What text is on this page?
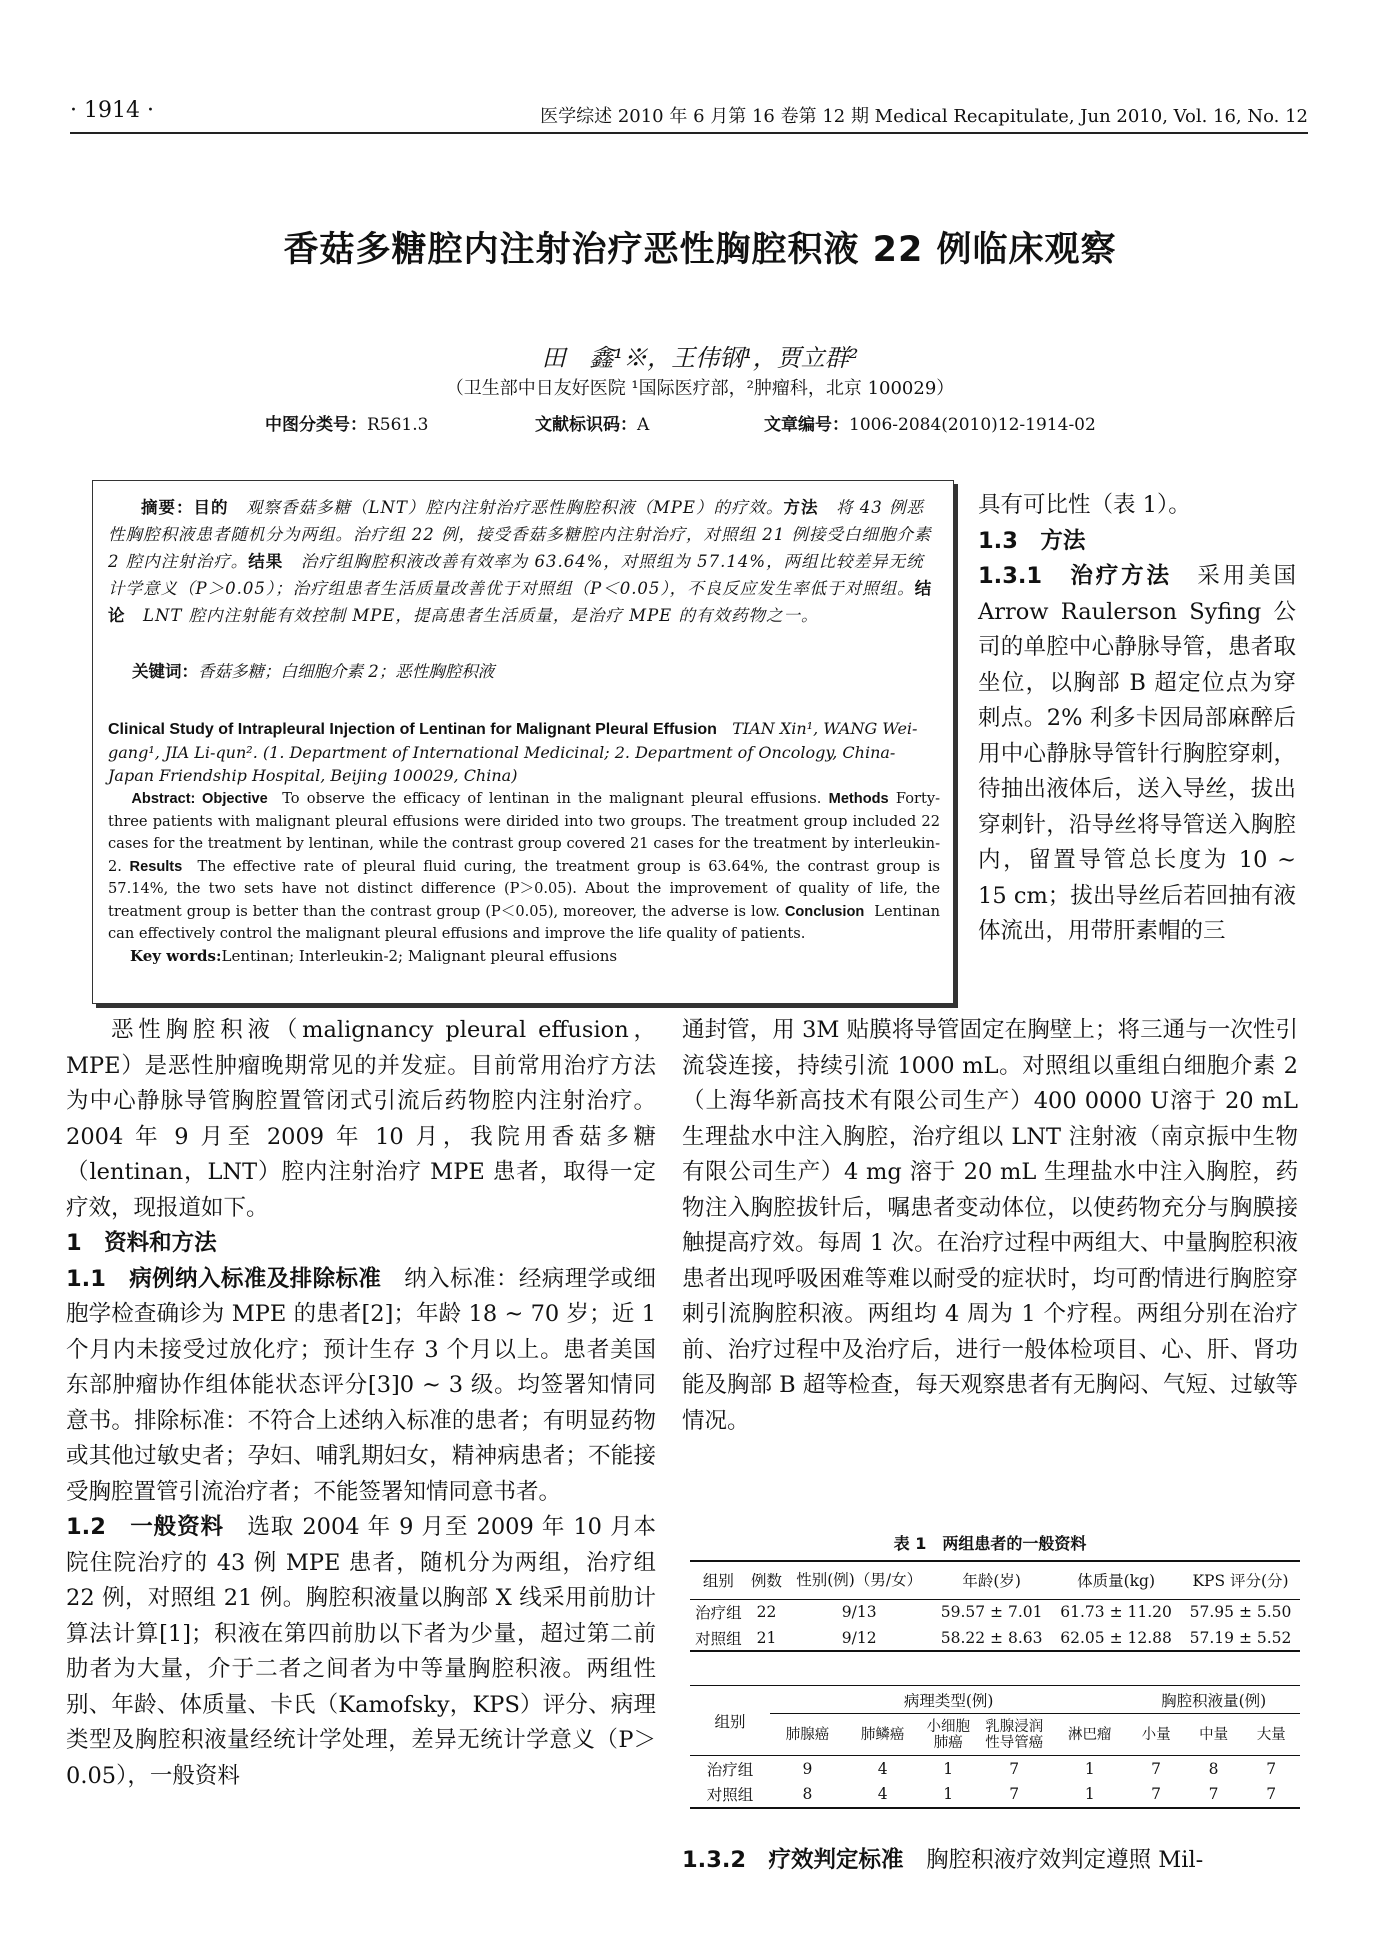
· 1914 ·	医学综述 2010 年 6 月第 16 卷第 12 期 Medical Recapitulate, Jun 2010, Vol. 16, No. 12
香菇多糖腔内注射治疗恶性胸腔积液 22 例临床观察
田　鑫¹※，王伟钢¹，贾立群²
（卫生部中日友好医院 ¹国际医疗部，²肿瘤科，北京 100029）
中图分类号：R561.3	文献标识码：A	文章编号：1006-2084(2010)12-1914-02
摘要：目的　 观察香菇多糖（LNT）腔内注射治疗恶性胸腔积液（MPE）的疗效。方法　 将 43 例恶性胸腔积液患者随机分为两组。治疗组 22 例，接受香菇多糖腔内注射治疗，对照组 21 例接受白细胞介素 2 腔内注射治疗。结果　 治疗组胸腔积液改善有效率为 63.64%，对照组为 57.14%，两组比较差异无统计学意义（P＞0.05）；治疗组患者生活质量改善优于对照组（P＜0.05），不良反应发生率低于对照组。结论　 LNT 腔内注射能有效控制 MPE，提高患者生活质量，是治疗 MPE 的有效药物之一。
关键词：香菇多糖；白细胞介素 2；恶性胸腔积液
Clinical Study of Intrapleural Injection of Lentinan for Malignant Pleural Effusion TIAN Xin¹, WANG Wei-gang¹, JIA Li-qun². (1. Department of International Medicinal; 2. Department of Oncology, China-Japan Friendship Hospital, Beijing 100029, China)
Abstract: Objective To observe the efficacy of lentinan in the malignant pleural effusions. Methods Forty-three patients with malignant pleural effusions were dirided into two groups. The treatment group included 22 cases for the treatment by lentinan, while the contrast group covered 21 cases for the treatment by interleukin-2. Results The effective rate of pleural fluid curing, the treatment group is 63.64%, the contrast group is 57.14%, the two sets have not distinct difference (P＞0.05). About the improvement of quality of life, the treatment group is better than the contrast group (P＜0.05), moreover, the adverse is low. Conclusion Lentinan can effectively control the malignant pleural effusions and improve the life quality of patients.
Key words:Lentinan; Interleukin-2; Malignant pleural effusions

具有可比性（表 1）。

1.3　方法

1.3.1　治疗方法　 采用美国 Arrow Raulerson Syfing 公司的单腔中心静脉导管，患者取坐位，以胸部 B 超定位点为穿刺点。2% 利多卡因局部麻醉后用中心静脉导管针行胸腔穿刺，待抽出液体后，送入导丝，拔出穿刺针，沿导丝将导管送入胸腔内，留置导管总长度为 10 ~ 15 cm；拔出导丝后若回抽有液体流出，用带肝素帽的三

恶性胸腔积液（malignancy pleural effusion，MPE）是恶性肿瘤晚期常见的并发症。目前常用治疗方法为中心静脉导管胸腔置管闭式引流后药物腔内注射治疗。2004 年 9 月至 2009 年 10 月，我院用香菇多糖（lentinan，LNT）腔内注射治疗 MPE 患者，取得一定疗效，现报道如下。

1　资料和方法

1.1　病例纳入标准及排除标准　 纳入标准：经病理学或细胞学检查确诊为 MPE 的患者[2]；年龄 18 ~ 70 岁；近 1 个月内未接受过放化疗；预计生存 3 个月以上。患者美国东部肿瘤协作组体能状态评分[3]0 ~ 3 级。均签署知情同意书。排除标准：不符合上述纳入标准的患者；有明显药物或其他过敏史者；孕妇、哺乳期妇女，精神病患者；不能接受胸腔置管引流治疗者；不能签署知情同意书者。

1.2　一般资料　 选取 2004 年 9 月至 2009 年 10 月本院住院治疗的 43 例 MPE 患者，随机分为两组，治疗组 22 例，对照组 21 例。胸腔积液量以胸部 X 线采用前肋计算法计算[1]；积液在第四前肋以下者为少量，超过第二前肋者为大量，介于二者之间者为中等量胸腔积液。两组性别、年龄、体质量、卡氏（Kamofsky，KPS）评分、病理类型及胸腔积液量经统计学处理，差异无统计学意义（P＞0.05），一般资料

通封管，用 3M 贴膜将导管固定在胸壁上；将三通与一次性引流袋连接，持续引流 1000 mL。对照组以重组白细胞介素 2（上海华新高技术有限公司生产）400 0000 U溶于 20 mL 生理盐水中注入胸腔，治疗组以 LNT 注射液（南京振中生物有限公司生产）4 mg 溶于 20 mL 生理盐水中注入胸腔，药物注入胸腔拔针后，嘱患者变动体位，以使药物充分与胸膜接触提高疗效。每周 1 次。在治疗过程中两组大、中量胸腔积液患者出现呼吸困难等难以耐受的症状时，均可酌情进行胸腔穿刺引流胸腔积液。两组均 4 周为 1 个疗程。两组分别在治疗前、治疗过程中及治疗后，进行一般体检项目、心、肝、肾功能及胸部 B 超等检查，每天观察患者有无胸闷、气短、过敏等情况。

表 1　两组患者的一般资料
组别	例数	性别(例)（男/女）	年龄(岁)	体质量(kg)	KPS 评分(分)
治疗组	22	9/13	59.57 ± 7.01	61.73 ± 11.20	57.95 ± 5.50
对照组	21	9/12	58.22 ± 8.63	62.05 ± 12.88	57.19 ± 5.52
组别	病理类型(例)					胸腔积液量(例)		
	肺腺癌	肺鳞癌	小细胞肺癌	乳腺浸润性导管癌	淋巴瘤	小量	中量	大量
治疗组	9	4	1	7	1	7	8	7
对照组	8	4	1	7	1	7	7	7

1.3.2　疗效判定标准　 胸腔积液疗效判定遵照 Mil-
